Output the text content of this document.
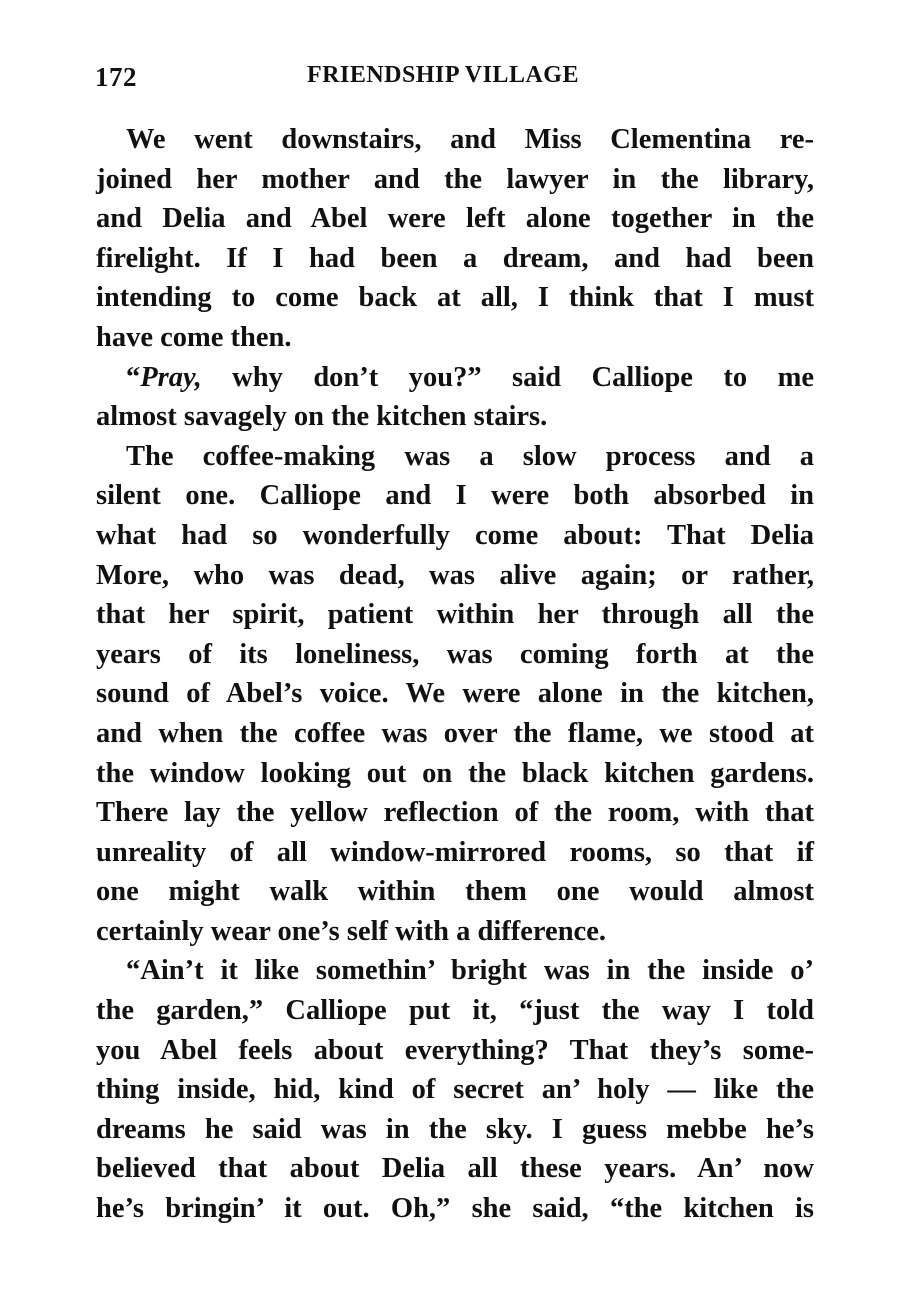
172	FRIENDSHIP VILLAGE
We went downstairs, and Miss Clementina re-
joined her mother and the lawyer in the library,
and Delia and Abel were left alone together in the
firelight. If I had been a dream, and had been
intending to come back at all, I think that I must
have come then.
“Pray, why don’t you?” said Calliope to me
almost savagely on the kitchen stairs.
The coffee-making was a slow process and a
silent one. Calliope and I were both absorbed in
what had so wonderfully come about: That Delia
More, who was dead, was alive again; or rather,
that her spirit, patient within her through all the
years of its loneliness, was coming forth at the
sound of Abel’s voice. We were alone in the kitchen,
and when the coffee was over the flame, we stood at
the window looking out on the black kitchen gardens.
There lay the yellow reflection of the room, with that
unreality of all window-mirrored rooms, so that if
one might walk within them one would almost
certainly wear one’s self with a difference.
“Ain’t it like somethin’ bright was in the inside o’
the garden,” Calliope put it, “just the way I told
you Abel feels about everything? That they’s some-
thing inside, hid, kind of secret an’ holy — like the
dreams he said was in the sky. I guess mebbe he’s
believed that about Delia all these years. An’ now
he’s bringin’ it out. Oh,” she said, “the kitchen is
